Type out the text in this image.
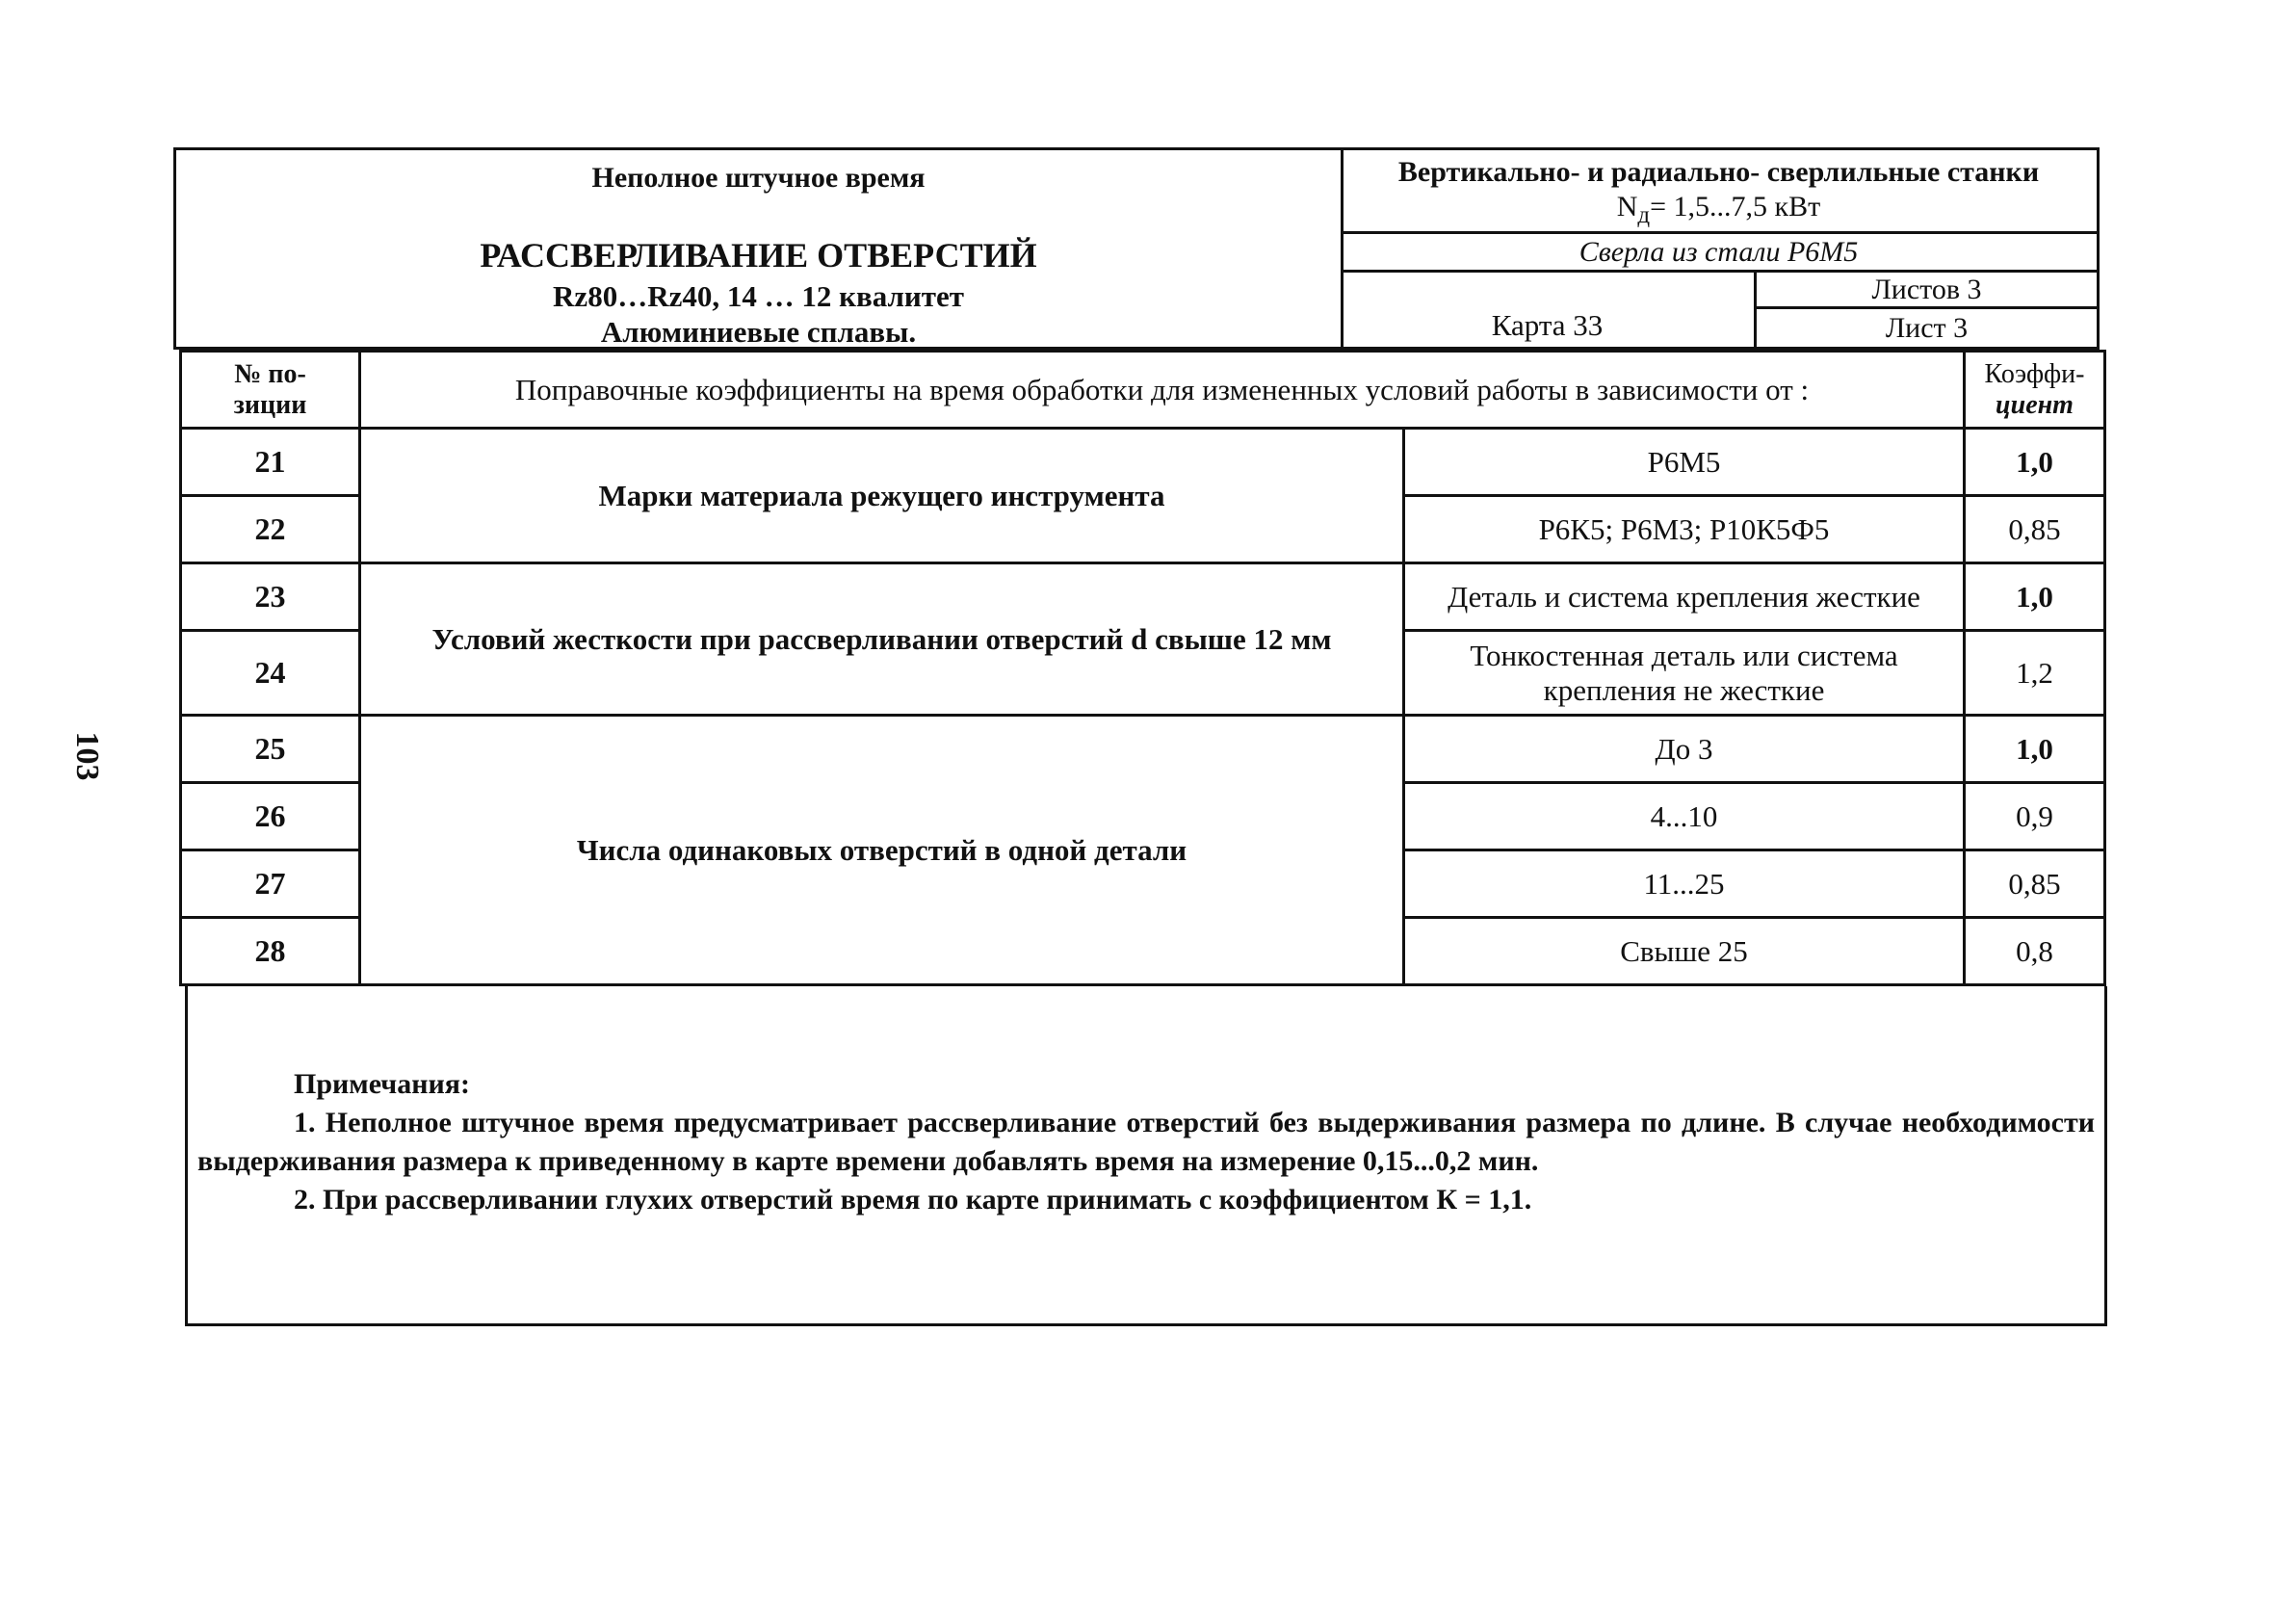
103
Неполное штучное время
РАССВЕРЛИВАНИЕ ОТВЕРСТИЙ
Rz80…Rz40, 14 … 12 квалитет
Алюминиевые сплавы.
Вертикально- и радиально- сверлильные станки
$N_д= 1,5...7,5$ кВт
Сверла из стали Р6М5
Карта 33
Листов 3
Лист 3
№ по-
зиции	Поправочные коэффициенты на время обработки для измененных условий работы в зависимости от :		Коэффи-
циент
21	Марки материала режущего инструмента	Р6М5	1,0
22		Р6К5; Р6М3; Р10К5Ф5	0,85
23	Условий жесткости при рассверливании отверстий d свыше 12 мм	Деталь и система крепления жесткие	1,0
24		Тонкостенная деталь или система крепления не жесткие	1,2
25	Числа одинаковых отверстий в одной детали	До 3	1,0
26		4...10	0,9
27		11...25	0,85
28		Свыше 25	0,8
Примечания:

1. Неполное штучное время предусматривает рассверливание отверстий без выдерживания размера по длине. В случае необходимости выдерживания размера к приведенному в карте времени добавлять время на измерение 0,15...0,2 мин.

2. При рассверливании глухих отверстий время по карте принимать с коэффициентом К = 1,1.
